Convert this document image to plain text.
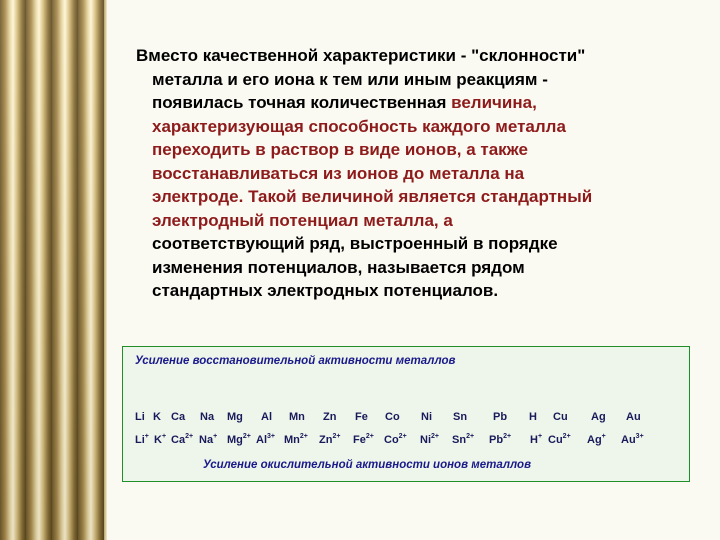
Вместо качественной характеристики - "склонности"
металла и его иона к тем или иным реакциям -
появилась точная количественная величина,
характеризующая способность каждого металла
переходить в раствор в виде ионов, а также
восстанавливаться из ионов до металла на
электроде. Такой величиной является стандартный
электродный потенциал металла, а
соответствующий ряд, выстроенный в порядке
изменения потенциалов, называется рядом
стандартных электродных потенциалов.
Усиление восстановительной активности металлов
Усиление окислительной активности ионов металлов
Li K Ca Na Mg Al Mn Zn Fe Co Ni Sn Pb H Cu Ag Au
Li+ K+ $Ca^{2+}$ Na+ $Mg^{2+}$ $Al^{3+}$ $Mn^{2+}$ $Zn^{2+}$ $Fe^{2+}$ $Co^{2+}$ $Ni^{2+}$ $Sn^{2+}$ $Pb^{2+}$ H+ $Cu^{2+}$ Ag+ $Au^{3+}$
